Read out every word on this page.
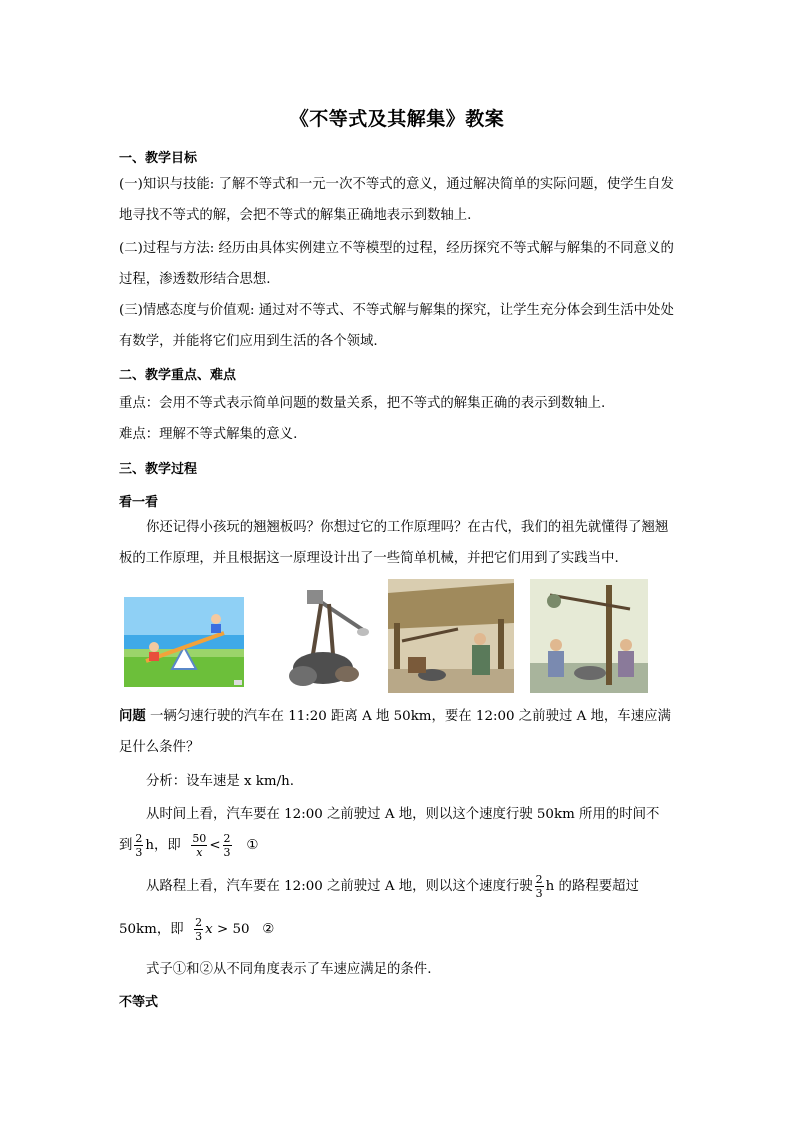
《不等式及其解集》教案
一、教学目标
(一)知识与技能: 了解不等式和一元一次不等式的意义，通过解决简单的实际问题，使学生自发地寻找不等式的解，会把不等式的解集正确地表示到数轴上.
(二)过程与方法: 经历由具体实例建立不等模型的过程，经历探究不等式解与解集的不同意义的过程，渗透数形结合思想.
(三)情感态度与价值观: 通过对不等式、不等式解与解集的探究，让学生充分体会到生活中处处有数学，并能将它们应用到生活的各个领域.
二、教学重点、难点
重点：会用不等式表示简单问题的数量关系，把不等式的解集正确的表示到数轴上.
难点：理解不等式解集的意义.
三、教学过程
看一看
你还记得小孩玩的翘翘板吗？你想过它的工作原理吗？在古代，我们的祖先就懂得了翘翘板的工作原理，并且根据这一原理设计出了一些简单机械，并把它们用到了实践当中.
问题 一辆匀速行驶的汽车在 11:20 距离 A 地 50km，要在 12:00 之前驶过 A 地，车速应满足什么条件？
分析：设车速是 x km/h.
从时间上看，汽车要在 12:00 之前驶过 A 地，则以这个速度行驶 50km 所用的时间不
到 $\frac{2}{3}$ h，即 $\frac{50}{x} < \frac{2}{3}$ ①
从路程上看，汽车要在 12:00 之前驶过 A 地，则以这个速度行驶 $\frac{2}{3}$ h 的路程要超过
50km，即 $\frac{2}{3}$ x > 50 ②
式子①和②从不同角度表示了车速应满足的条件.
不等式
